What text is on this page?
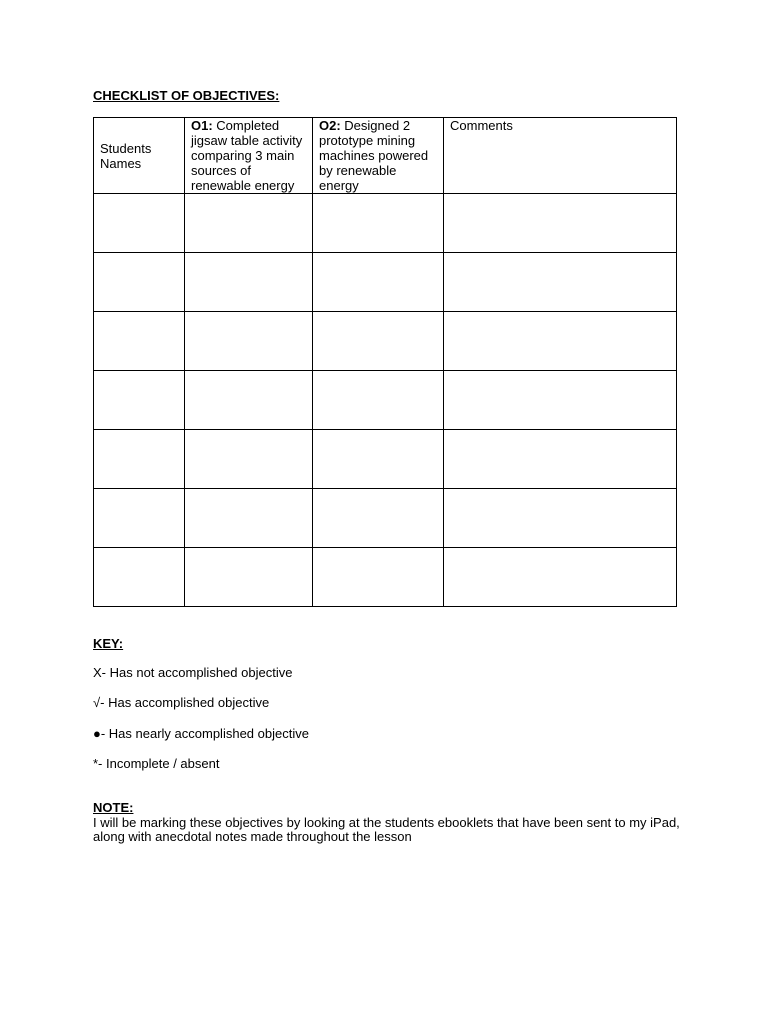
CHECKLIST OF OBJECTIVES:
Students Names	O1: Completed jigsaw table activity comparing 3 main sources of renewable energy	O2: Designed 2 prototype mining machines powered by renewable energy	Comments

KEY:
X- Has not accomplished objective
√- Has accomplished objective
●- Has nearly accomplished objective
*- Incomplete / absent
NOTE:
I will be marking these objectives by looking at the students ebooklets that have been sent to my iPad, along with anecdotal notes made throughout the lesson
